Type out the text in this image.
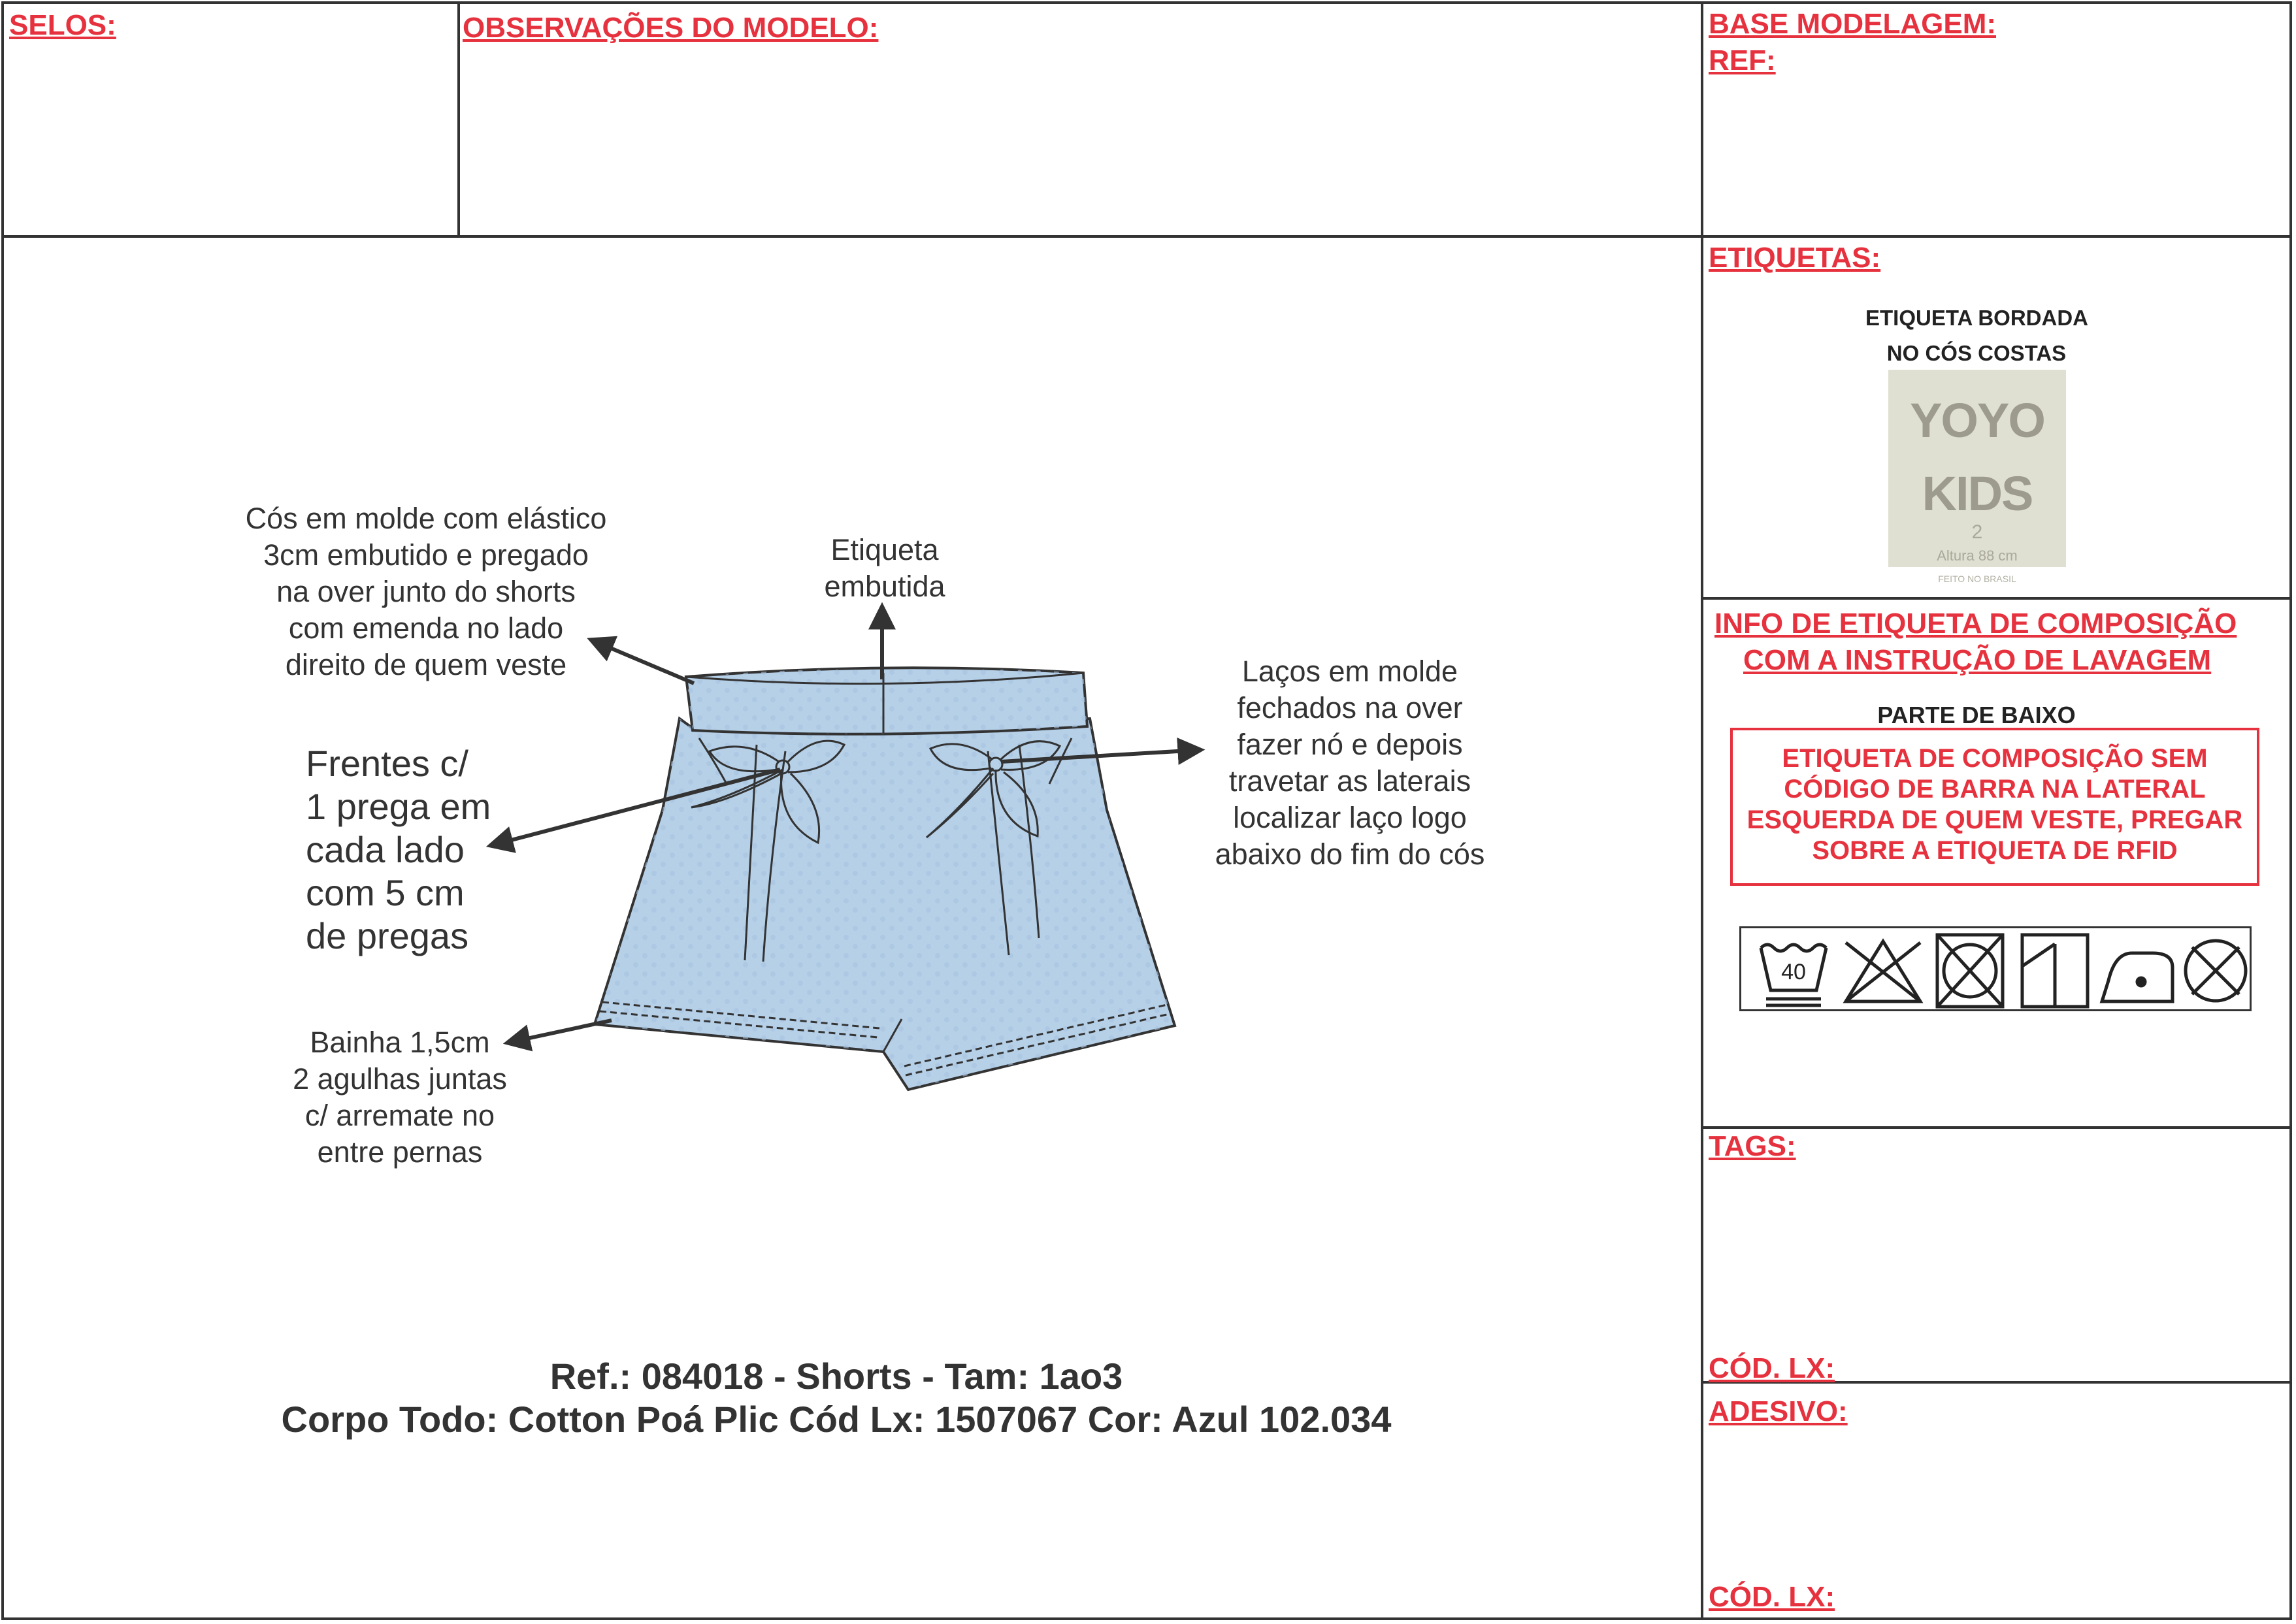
SELOS:	OBSERVAÇÕES DO MODELO:	BASE MODELAGEM:
REF:
ETIQUETAS:
INFO DE ETIQUETA DE COMPOSIÇÃO
COM A INSTRUÇÃO DE LAVAGEM
TAGS:
CÓD. LX:
ADESIVO:
CÓD. LX:
ETIQUETA BORDADA
NO CÓS COSTAS
YOYO
KIDS
2
Altura 88 cm
FEITO NO BRASIL
PARTE DE BAIXO
ETIQUETA DE COMPOSIÇÃO SEM
CÓDIGO DE BARRA NA LATERAL
ESQUERDA DE QUEM VESTE, PREGAR
SOBRE A ETIQUETA DE RFID
40
Cós em molde com elástico
3cm embutido e pregado
na over junto do shorts
com emenda no lado
direito de quem veste
Etiqueta
embutida
Laços em molde
fechados na over
fazer nó e depois
travetar as laterais
localizar laço logo
abaixo do fim do cós
Frentes c/
1 prega em
cada lado
com 5 cm
de pregas
Bainha 1,5cm
2 agulhas juntas
c/ arremate no
entre pernas
Ref.: 084018 - Shorts - Tam: 1ao3
Corpo Todo: Cotton Poá Plic Cód Lx: 1507067 Cor: Azul 102.034
